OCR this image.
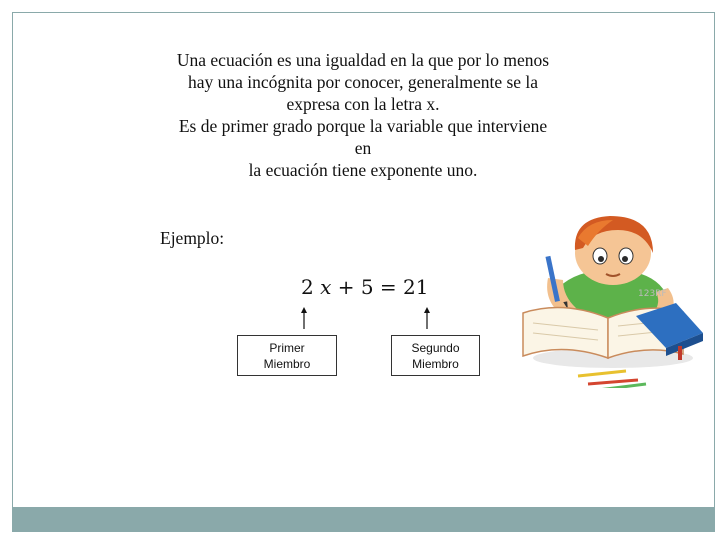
Una ecuación es una igualdad en la que por lo menos

hay una incógnita por conocer, generalmente se la

expresa con la letra x.

Es de primer grado porque la variable que interviene en

la ecuación tiene exponente uno.

Ejemplo:
2 x + 5 = 21
Primer
Miembro
Segundo
Miembro
123RF
